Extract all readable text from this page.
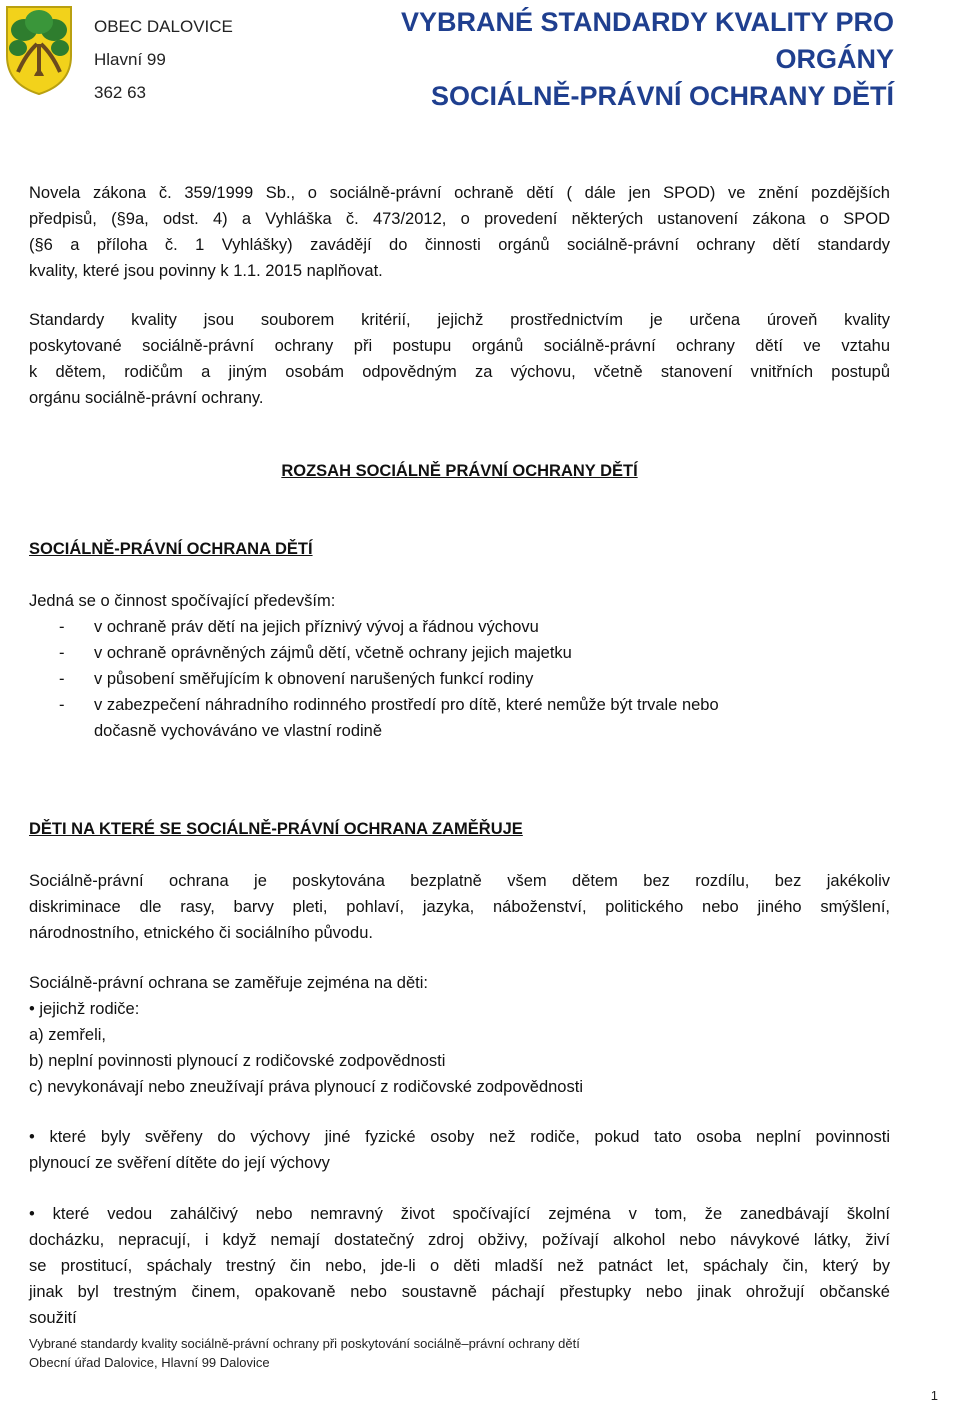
OBEC DALOVICE
Hlavní 99
362 63
VYBRANÉ STANDARDY KVALITY PRO ORGÁNY
SOCIÁLNĚ-PRÁVNÍ OCHRANY DĚTÍ
Novela zákona č. 359/1999 Sb., o sociálně-právní ochraně dětí ( dále jen SPOD) ve znění pozdějších
předpisů, (§9a, odst. 4) a Vyhláška č. 473/2012, o provedení některých ustanovení zákona o SPOD
(§6 a příloha č. 1 Vyhlášky) zavádějí do činnosti orgánů sociálně-právní ochrany dětí standardy
kvality, které jsou povinny k 1.1. 2015 naplňovat.
Standardy kvality jsou souborem kritérií, jejichž prostřednictvím je určena úroveň kvality
poskytované sociálně-právní ochrany při postupu orgánů sociálně-právní ochrany dětí ve vztahu
k dětem, rodičům a jiným osobám odpovědným za výchovu, včetně stanovení vnitřních postupů
orgánu sociálně-právní ochrany.
ROZSAH SOCIÁLNĚ PRÁVNÍ OCHRANY DĚTÍ
SOCIÁLNĚ-PRÁVNÍ OCHRANA DĚTÍ
Jedná se o činnost spočívající především:
- v ochraně práv dětí na jejich příznivý vývoj a řádnou výchovu
- v ochraně oprávněných zájmů dětí, včetně ochrany jejich majetku
- v působení směřujícím k obnovení narušených funkcí rodiny
- v zabezpečení náhradního rodinného prostředí pro dítě, které nemůže být trvale nebo
dočasně vychováváno ve vlastní rodině
DĚTI NA KTERÉ SE SOCIÁLNĚ-PRÁVNÍ OCHRANA ZAMĚŘUJE
Sociálně-právní ochrana je poskytována bezplatně všem dětem bez rozdílu, bez jakékoliv
diskriminace dle rasy, barvy pleti, pohlaví, jazyka, náboženství, politického nebo jiného smýšlení,
národnostního, etnického či sociálního původu.
Sociálně-právní ochrana se zaměřuje zejména na děti:
• jejichž rodiče:
a) zemřeli,
b) neplní povinnosti plynoucí z rodičovské zodpovědnosti
c) nevykonávají nebo zneužívají práva plynoucí z rodičovské zodpovědnosti
• které byly svěřeny do výchovy jiné fyzické osoby než rodiče, pokud tato osoba neplní povinnosti
plynoucí ze svěření dítěte do její výchovy
• které vedou zahálčivý nebo nemravný život spočívající zejména v tom, že zanedbávají školní
docházku, nepracují, i když nemají dostatečný zdroj obživy, požívají alkohol nebo návykové látky, živí
se prostitucí, spáchaly trestný čin nebo, jde-li o děti mladší než patnáct let, spáchaly čin, který by
jinak byl trestným činem, opakovaně nebo soustavně páchají přestupky nebo jinak ohrožují občanské
soužití
Vybrané standardy kvality sociálně-právní ochrany při poskytování sociálně–právní ochrany dětí
Obecní úřad Dalovice, Hlavní 99 Dalovice
1
